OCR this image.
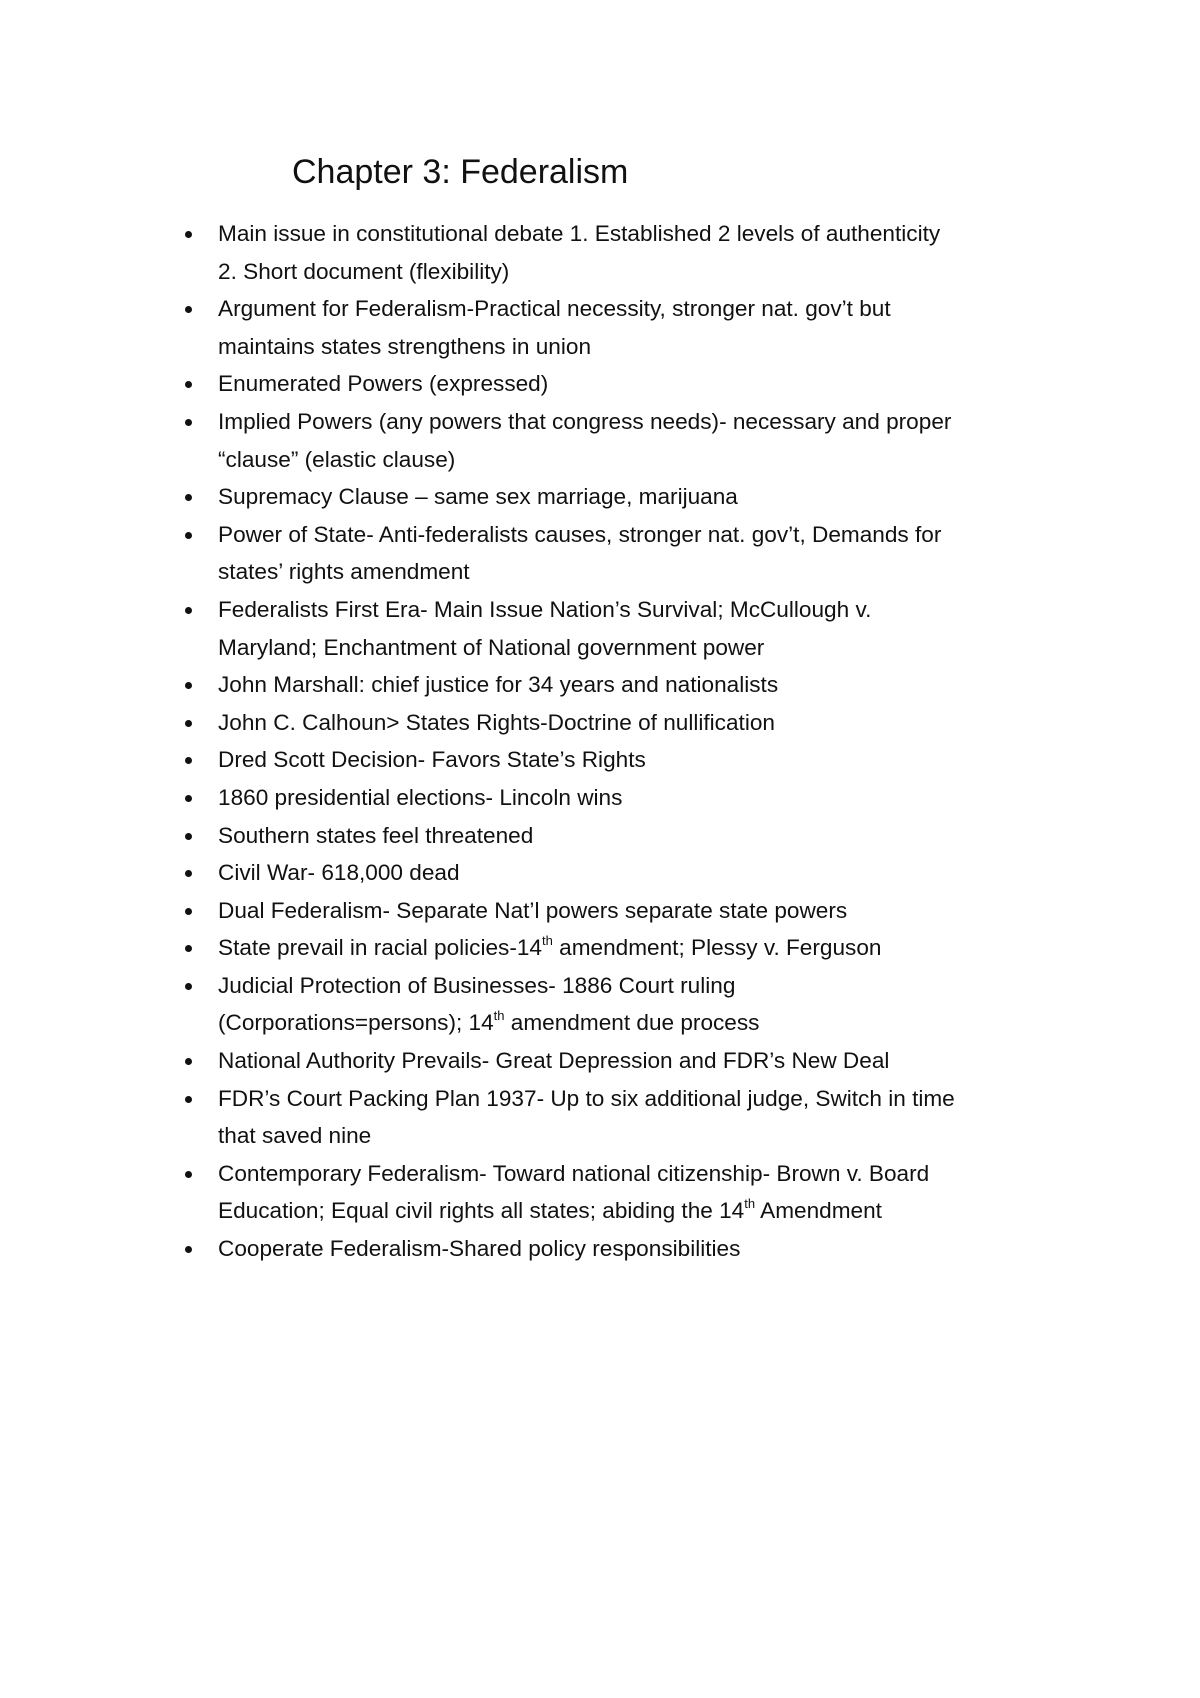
Chapter 3: Federalism
Main issue in constitutional debate 1. Established 2 levels of authenticity
2. Short document (flexibility)
Argument for Federalism-Practical necessity, stronger nat. gov’t but
maintains states strengthens in union
Enumerated Powers (expressed)
Implied Powers (any powers that congress needs)- necessary and proper
“clause” (elastic clause)
Supremacy Clause – same sex marriage, marijuana
Power of State- Anti-federalists causes, stronger nat. gov’t, Demands for
states’ rights amendment
Federalists First Era- Main Issue Nation’s Survival; McCullough v.
Maryland; Enchantment of National government power
John Marshall: chief justice for 34 years and nationalists
John C. Calhoun> States Rights-Doctrine of nullification
Dred Scott Decision- Favors State’s Rights
1860 presidential elections- Lincoln wins
Southern states feel threatened
Civil War- 618,000 dead
Dual Federalism- Separate Nat’l powers separate state powers
State prevail in racial policies-14th amendment; Plessy v. Ferguson
Judicial Protection of Businesses- 1886 Court ruling
(Corporations=persons); 14th amendment due process
National Authority Prevails- Great Depression and FDR’s New Deal
FDR’s Court Packing Plan 1937- Up to six additional judge, Switch in time
that saved nine
Contemporary Federalism- Toward national citizenship- Brown v. Board
Education; Equal civil rights all states; abiding the 14th Amendment
Cooperate Federalism-Shared policy responsibilities
